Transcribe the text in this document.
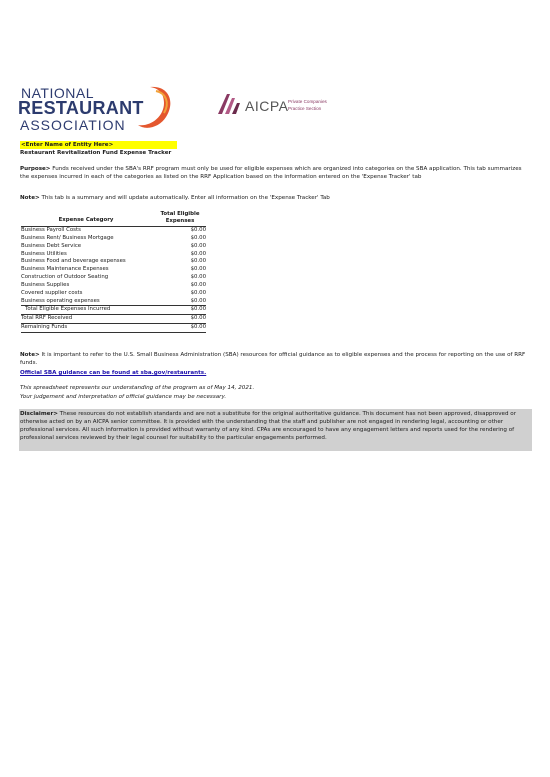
NATIONAL
RESTAURANT
ASSOCIATION
AICPA Private Companies
Practice Section
<Enter Name of Entity Here>
Restaurant Revitalization Fund Expense Tracker
Purpose> Funds received under the SBA's RRF program must only be used for eligible expenses which are organized into categories on the SBA application. This tab summarizes the expenses incurred in each of the categories as listed on the RRF Application based on the information entered on the 'Expense Tracker' tab
Note> This tab is a summary and will update automatically. Enter all information on the 'Expense Tracker' Tab
Expense Category
Total Eligible Expenses
Business Payroll Costs	$0.00
Business Rent/ Business Mortgage	$0.00
Business Debt Service	$0.00
Business Utilities	$0.00
Business Food and beverage expenses	$0.00
Business Maintenance Expenses	$0.00
Construction of Outdoor Seating	$0.00
Business Supplies	$0.00
Covered supplier costs	$0.00
Business operating expenses	$0.00
Total Eligible Expenses Incurred	$0.00
Total RRF Received	$0.00
Remaining Funds	$0.00
Note> It is important to refer to the U.S. Small Business Administration (SBA) resources for official guidance as to eligible expenses and the process for reporting on the use of RRF funds.
Official SBA guidance can be found at sba.gov/restaurants.
This spreadsheet represents our understanding of the program as of May 14, 2021.
Your judgement and interpretation of official guidance may be necessary.
Disclaimer> These resources do not establish standards and are not a substitute for the original authoritative guidance. This document has not been approved, disapproved or otherwise acted on by an AICPA senior committee. It is provided with the understanding that the staff and publisher are not engaged in rendering legal, accounting or other professional services. All such information is provided without warranty of any kind. CPAs are encouraged to have any engagement letters and reports used for the rendering of professional services reviewed by their legal counsel for suitability to the particular engagements performed.
